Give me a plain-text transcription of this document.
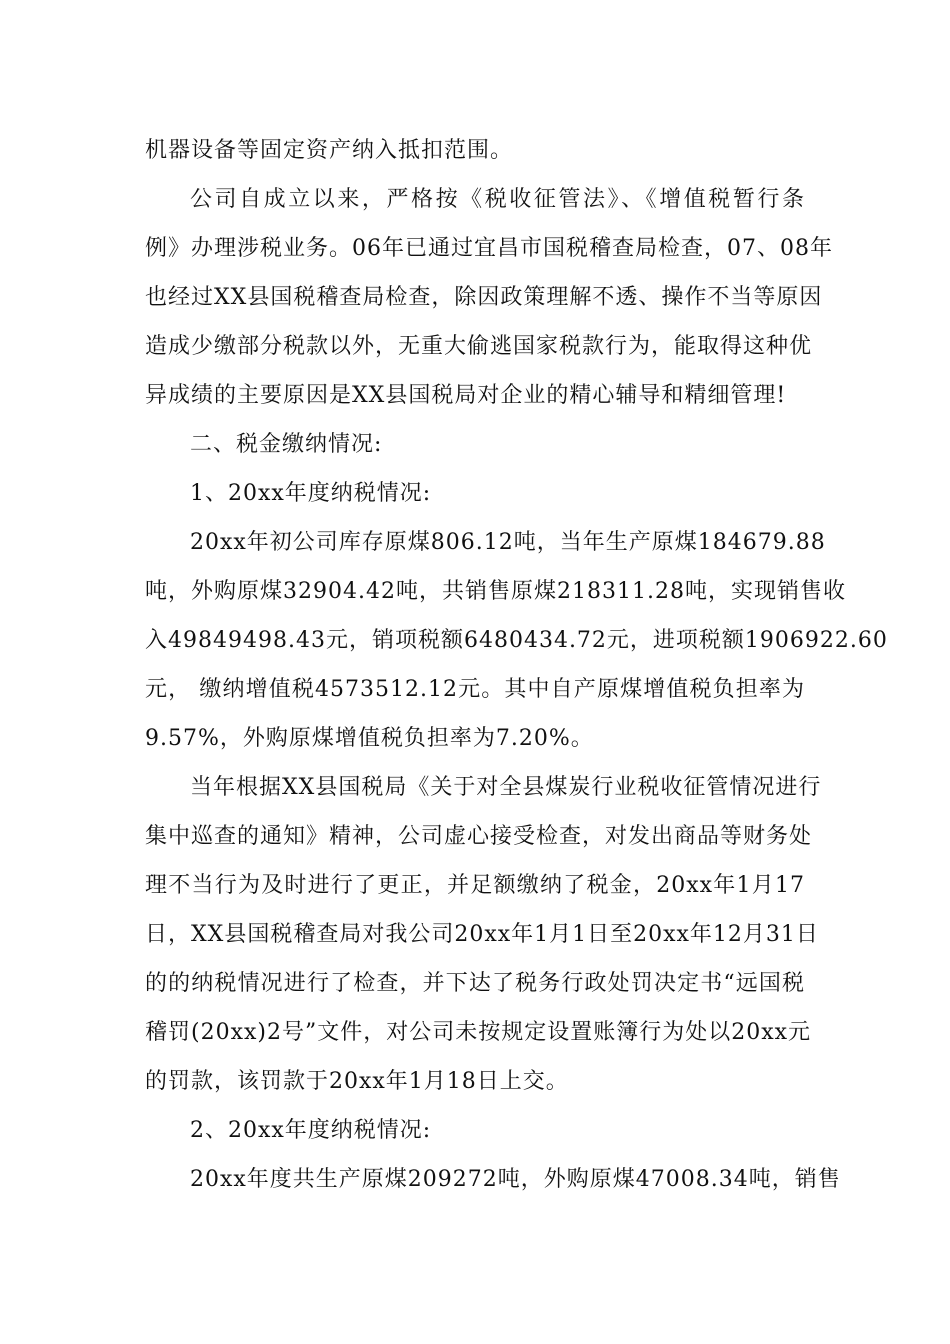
机器设备等固定资产纳入抵扣范围。
公司自成立以来，严格按《税收征管法》、《增值税暂行条
例》办理涉税业务。06年已通过宜昌市国税稽查局检查，07、08年
也经过XX县国税稽查局检查，除因政策理解不透、操作不当等原因
造成少缴部分税款以外，无重大偷逃国家税款行为，能取得这种优
异成绩的主要原因是XX县国税局对企业的精心辅导和精细管理!
二、税金缴纳情况:
1、20xx年度纳税情况:
20xx年初公司库存原煤806.12吨，当年生产原煤184679.88
吨，外购原煤32904.42吨，共销售原煤218311.28吨，实现销售收
入49849498.43元，销项税额6480434.72元，进项税额1906922.60
元， 缴纳增值税4573512.12元。其中自产原煤增值税负担率为
9.57%，外购原煤增值税负担率为7.20%。
当年根据XX县国税局《关于对全县煤炭行业税收征管情况进行
集中巡查的通知》精神，公司虚心接受检查，对发出商品等财务处
理不当行为及时进行了更正，并足额缴纳了税金，20xx年1月17
日，XX县国税稽查局对我公司20xx年1月1日至20xx年12月31日
的的纳税情况进行了检查，并下达了税务行政处罚决定书“远国税
稽罚(20xx)2号”文件，对公司未按规定设置账簿行为处以20xx元
的罚款，该罚款于20xx年1月18日上交。
2、20xx年度纳税情况:
20xx年度共生产原煤209272吨，外购原煤47008.34吨，销售
